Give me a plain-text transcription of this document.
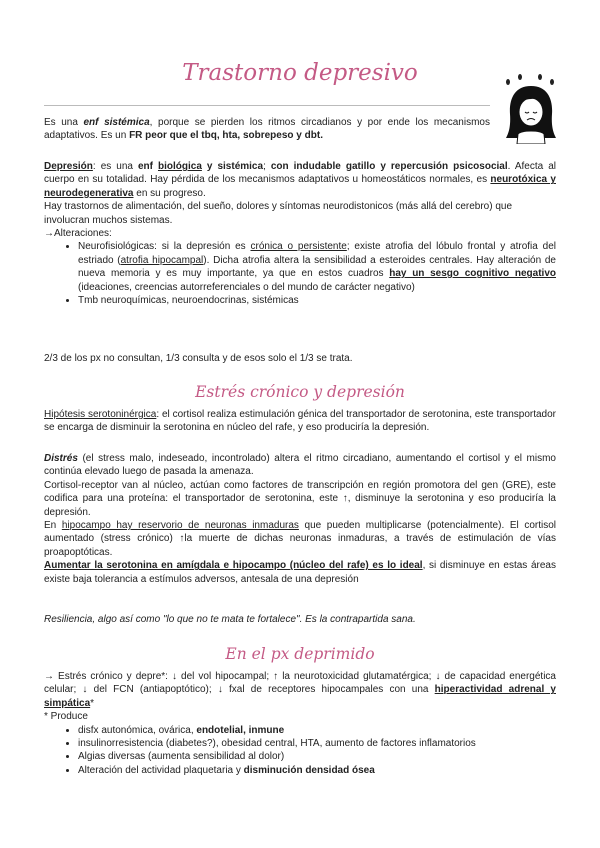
Trastorno depresivo
Es una enf sistémica, porque se pierden los ritmos circadianos y por ende los mecanismos adaptativos. Es un FR peor que el tbq, hta, sobrepeso y dbt.

Depresión: es una enf biológica y sistémica; con indudable gatillo y repercusión psicosocial. Afecta al cuerpo en su totalidad. Hay pérdida de los mecanismos adaptativos u homeostáticos normales, es neurotóxica y neurodegenerativa en su progreso.

Hay trastornos de alimentación, del sueño, dolores y síntomas neurodistonicos (más allá del cerebro) que involucran muchos sistemas.

→Alteraciones:

• Neurofisiológicas: si la depresión es crónica o persistente; existe atrofia del lóbulo frontal y atrofia del estriado (atrofia hipocampal). Dicha atrofia altera la sensibilidad a esteroides centrales. Hay alteración de nueva memoria y es muy importante, ya que en estos cuadros hay un sesgo cognitivo negativo (ideaciones, creencias autorreferenciales o del mundo de carácter negativo)
• Tmb neuroquímicas, neuroendocrinas, sistémicas
2/3 de los px no consultan, 1/3 consulta y de esos solo el 1/3 se trata.
Estrés crónico y depresión
Hipótesis serotoninérgica: el cortisol realiza estimulación génica del transportador de serotonina, este transportador se encarga de disminuir la serotonina en núcleo del rafe, y eso produciría la depresión.

Distrés (el stress malo, indeseado, incontrolado) altera el ritmo circadiano, aumentando el cortisol y el mismo continúa elevado luego de pasada la amenaza.

Cortisol-receptor van al núcleo, actúan como factores de transcripción en región promotora del gen (GRE), este codifica para una proteína: el transportador de serotonina, este ↑, disminuye la serotonina y eso produciría la depresión.

En hipocampo hay reservorio de neuronas inmaduras que pueden multiplicarse (potencialmente). El cortisol aumentado (stress crónico) ↑la muerte de dichas neuronas inmaduras, a través de estimulación de vías proapoptóticas.

Aumentar la serotonina en amígdala e hipocampo (núcleo del rafe) es lo ideal, si disminuye en estas áreas existe baja tolerancia a estímulos adversos, antesala de una depresión

Resiliencia, algo así como "lo que no te mata te fortalece". Es la contrapartida sana.
En el px deprimido

→ Estrés crónico y depre*: ↓ del vol hipocampal; ↑ la neurotoxicidad glutamatérgica; ↓ de capacidad energética celular; ↓ del FCN (antiapoptótico); ↓ fxal de receptores hipocampales con una hiperactividad adrenal y simpática*

* Produce

• disfx autonómica, ovárica, endotelial, inmune
• insulinorresistencia (diabetes?), obesidad central, HTA, aumento de factores inflamatorios
• Algias diversas (aumenta sensibilidad al dolor)
• Alteración del actividad plaquetaria y disminución densidad ósea
